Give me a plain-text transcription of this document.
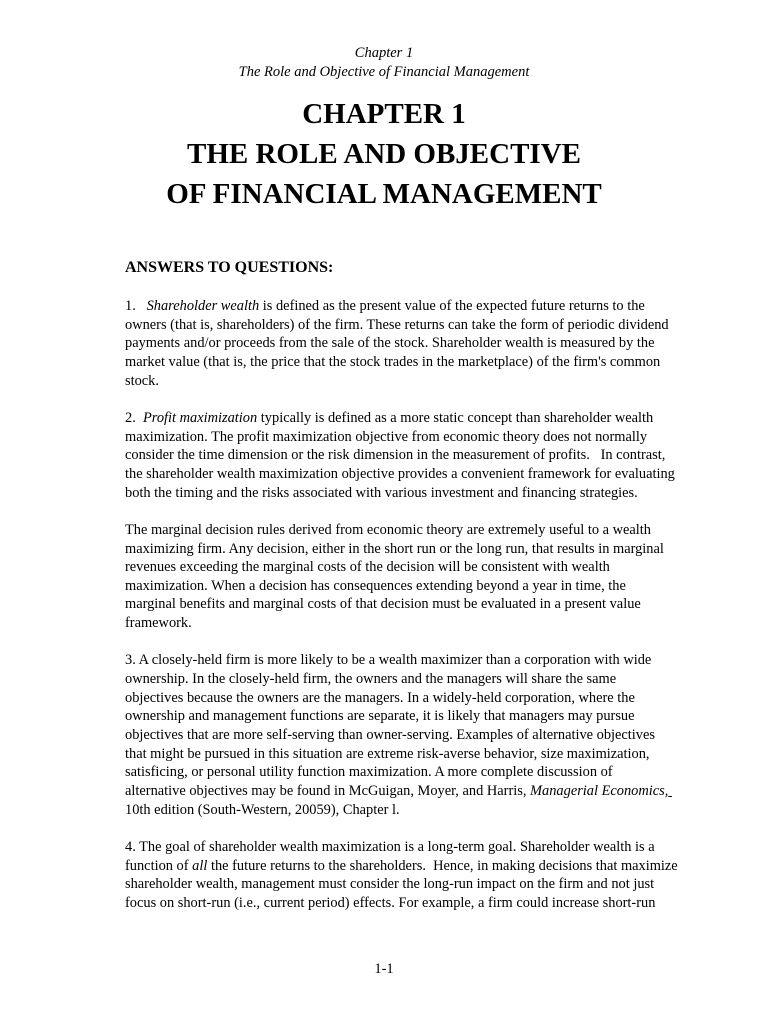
Chapter 1
The Role and Objective of Financial Management
CHAPTER 1
THE ROLE AND OBJECTIVE
OF FINANCIAL MANAGEMENT
ANSWERS TO QUESTIONS:
1.   Shareholder wealth is defined as the present value of the expected future returns to the
owners (that is, shareholders) of the firm. These returns can take the form of periodic dividend
payments and/or proceeds from the sale of the stock. Shareholder wealth is measured by the
market value (that is, the price that the stock trades in the marketplace) of the firm's common
stock.
2.  Profit maximization typically is defined as a more static concept than shareholder wealth
maximization. The profit maximization objective from economic theory does not normally
consider the time dimension or the risk dimension in the measurement of profits.   In contrast,
the shareholder wealth maximization objective provides a convenient framework for evaluating
both the timing and the risks associated with various investment and financing strategies.
The marginal decision rules derived from economic theory are extremely useful to a wealth
maximizing firm. Any decision, either in the short run or the long run, that results in marginal
revenues exceeding the marginal costs of the decision will be consistent with wealth
maximization. When a decision has consequences extending beyond a year in time, the
marginal benefits and marginal costs of that decision must be evaluated in a present value
framework.
3. A closely-held firm is more likely to be a wealth maximizer than a corporation with wide
ownership. In the closely-held firm, the owners and the managers will share the same
objectives because the owners are the managers. In a widely-held corporation, where the
ownership and management functions are separate, it is likely that managers may pursue
objectives that are more self-serving than owner-serving. Examples of alternative objectives
that might be pursued in this situation are extreme risk-averse behavior, size maximization,
satisficing, or personal utility function maximization. A more complete discussion of
alternative objectives may be found in McGuigan, Moyer, and Harris, Managerial Economics,
10th edition (South-Western, 20059), Chapter l.
4. The goal of shareholder wealth maximization is a long-term goal. Shareholder wealth is a
function of all the future returns to the shareholders.  Hence, in making decisions that maximize
shareholder wealth, management must consider the long-run impact on the firm and not just
focus on short-run (i.e., current period) effects. For example, a firm could increase short-run
1-1
